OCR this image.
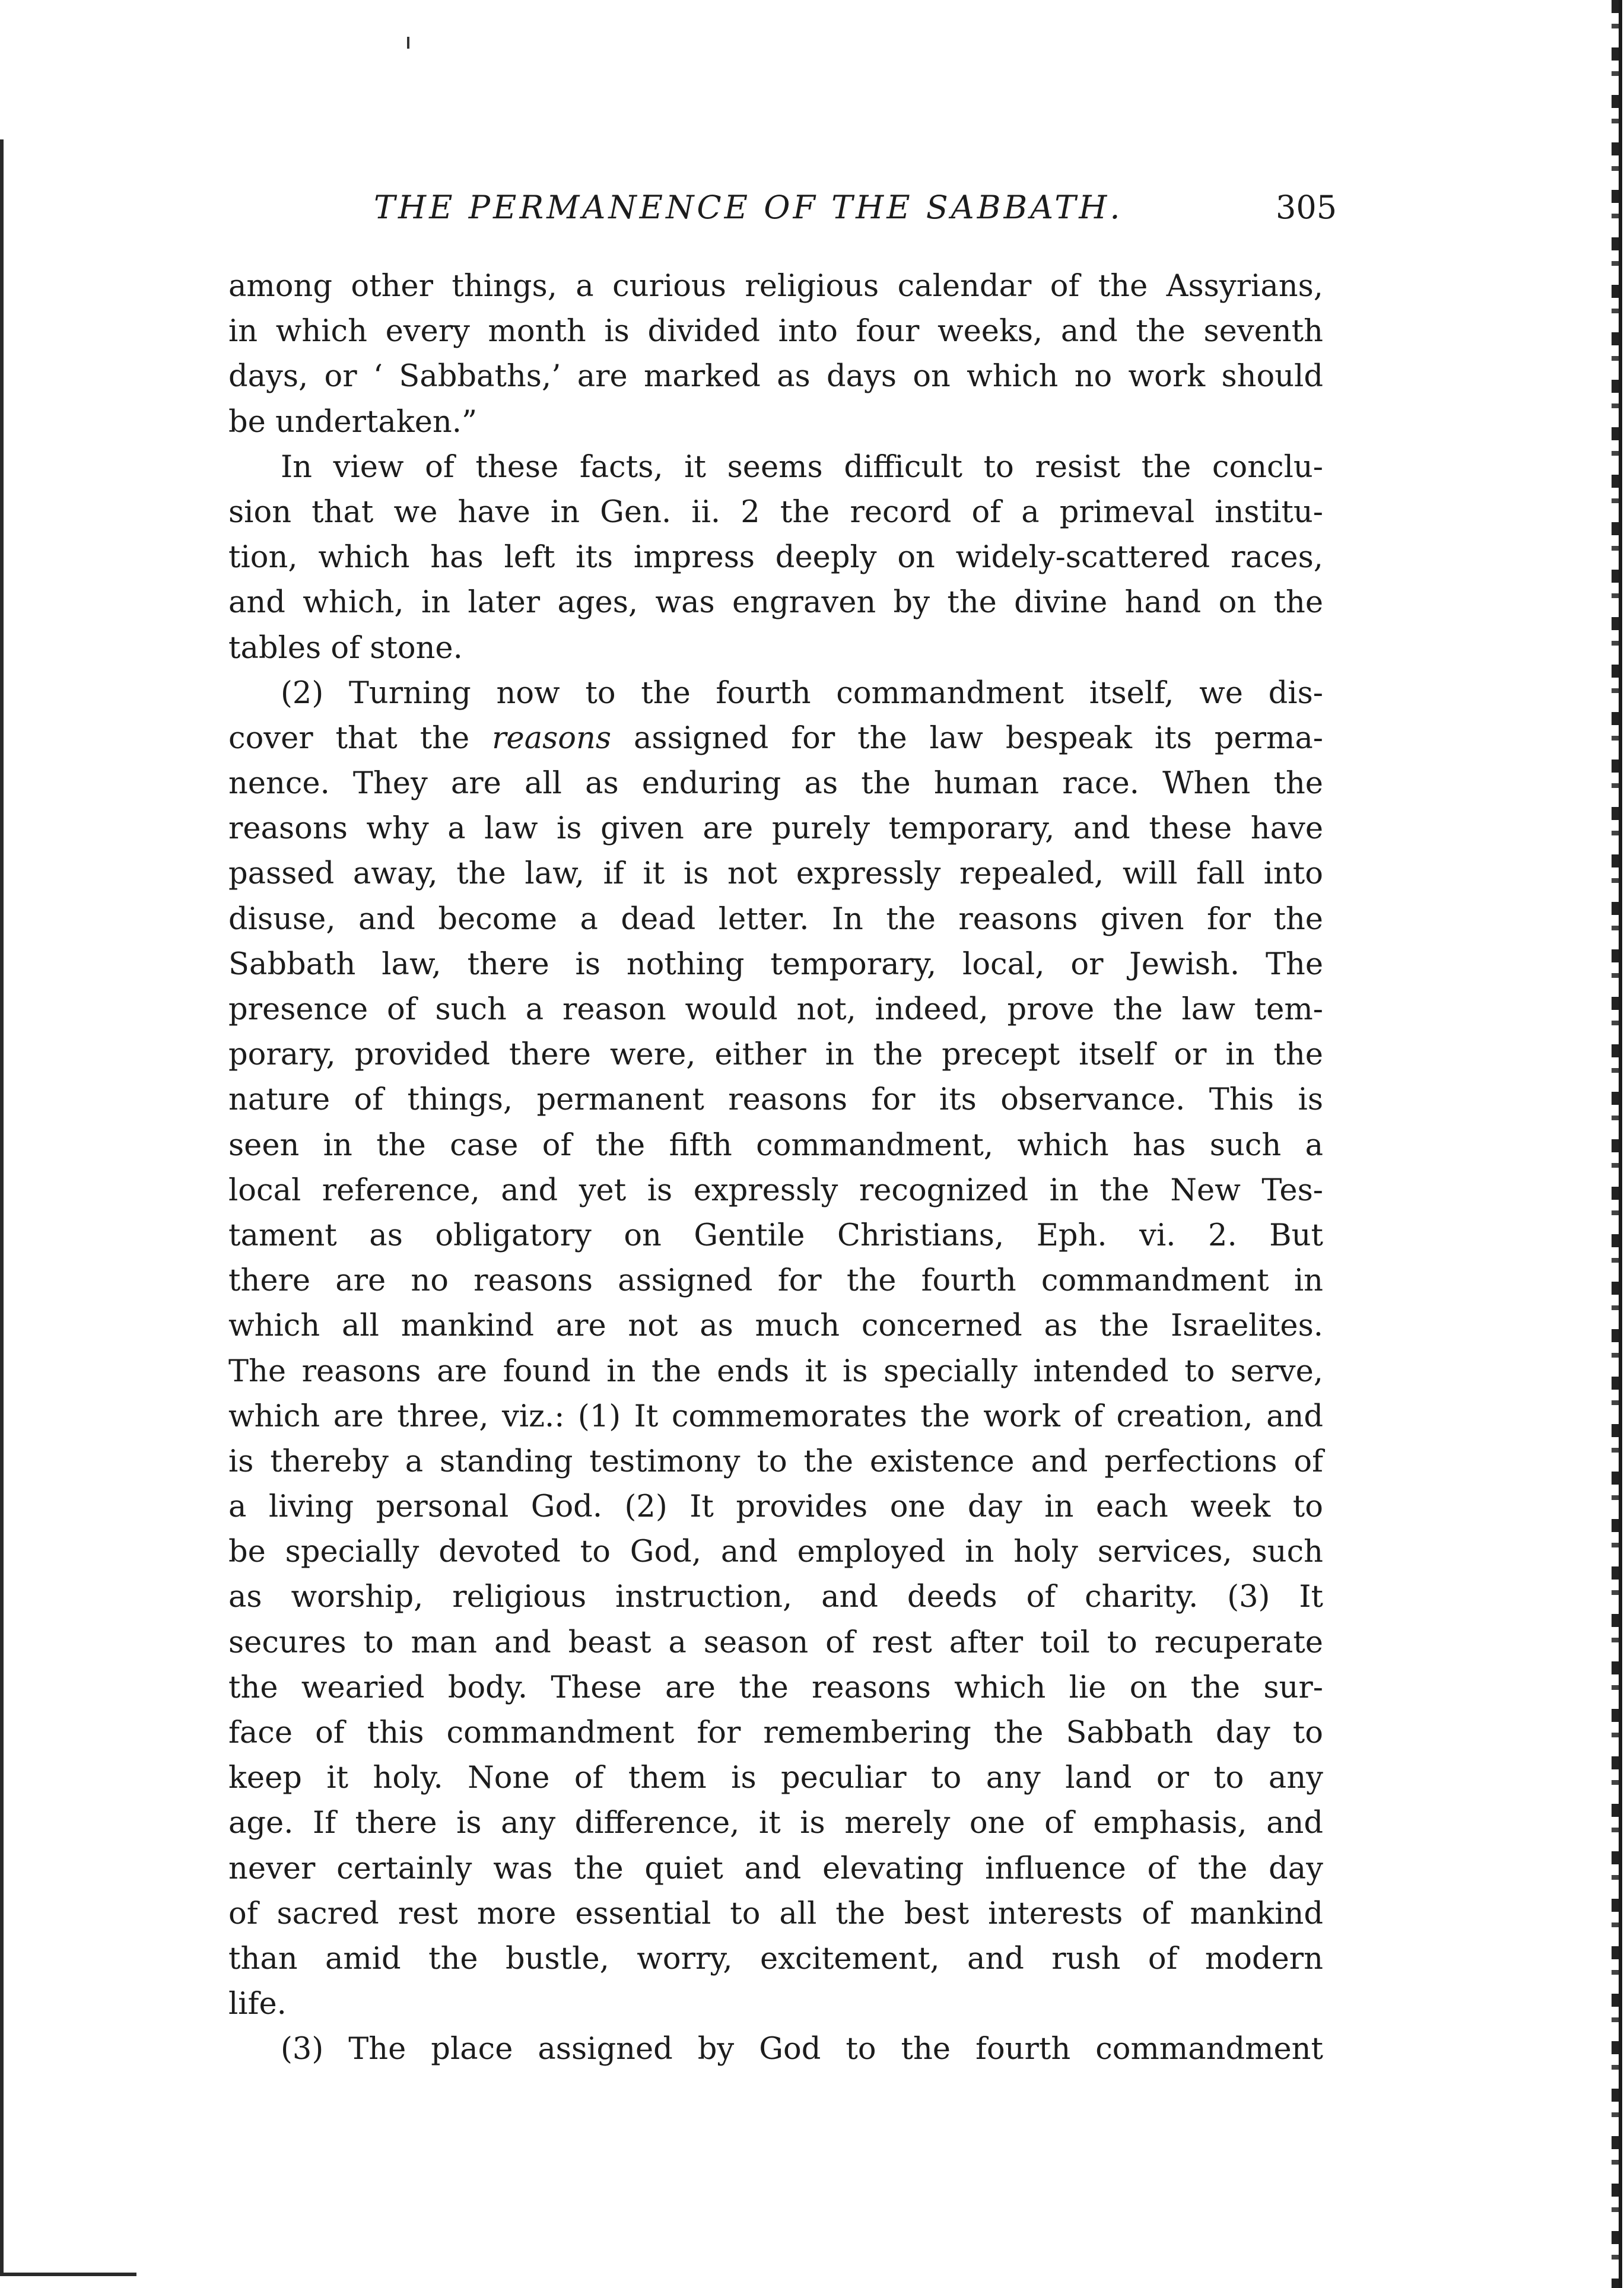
THE PERMANENCE OF THE SABBATH.	305
among other things, a curious religious calendar of the Assyrians,
in which every month is divided into four weeks, and the seventh
days, or ‘ Sabbaths,’ are marked as days on which no work should
be undertaken.”
In view of these facts, it seems difficult to resist the conclu-
sion that we have in Gen. ii. 2 the record of a primeval institu-
tion, which has left its impress deeply on widely-scattered races,
and which, in later ages, was engraven by the divine hand on the
tables of stone.
(2) Turning now to the fourth commandment itself, we dis-
cover that the reasons assigned for the law bespeak its perma-
nence. They are all as enduring as the human race. When the
reasons why a law is given are purely temporary, and these have
passed away, the law, if it is not expressly repealed, will fall into
disuse, and become a dead letter. In the reasons given for the
Sabbath law, there is nothing temporary, local, or Jewish. The
presence of such a reason would not, indeed, prove the law tem-
porary, provided there were, either in the precept itself or in the
nature of things, permanent reasons for its observance. This is
seen in the case of the fifth commandment, which has such a
local reference, and yet is expressly recognized in the New Tes-
tament as obligatory on Gentile Christians, Eph. vi. 2. But
there are no reasons assigned for the fourth commandment in
which all mankind are not as much concerned as the Israelites.
The reasons are found in the ends it is specially intended to serve,
which are three, viz.: (1) It commemorates the work of creation, and
is thereby a standing testimony to the existence and perfections of
a living personal God. (2) It provides one day in each week to
be specially devoted to God, and employed in holy services, such
as worship, religious instruction, and deeds of charity. (3) It
secures to man and beast a season of rest after toil to recuperate
the wearied body. These are the reasons which lie on the sur-
face of this commandment for remembering the Sabbath day to
keep it holy. None of them is peculiar to any land or to any
age. If there is any difference, it is merely one of emphasis, and
never certainly was the quiet and elevating influence of the day
of sacred rest more essential to all the best interests of mankind
than amid the bustle, worry, excitement, and rush of modern
life.
(3) The place assigned by God to the fourth commandment
